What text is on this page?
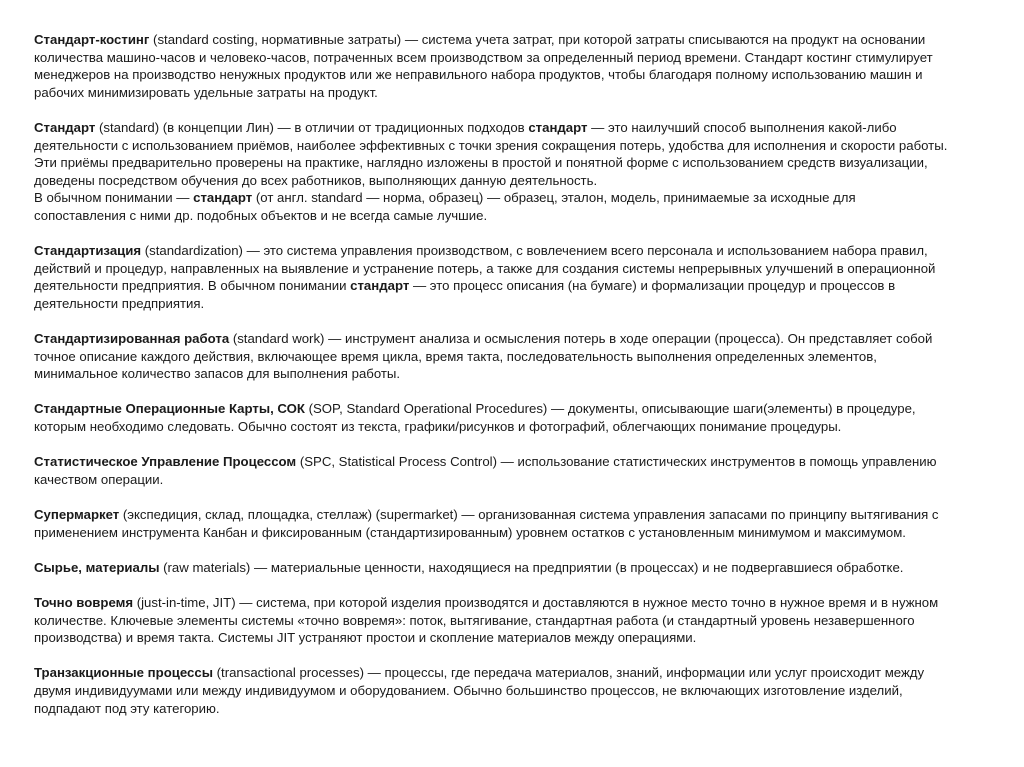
Стандарт-костинг (standard costing, нормативные затраты) — система учета затрат, при которой затраты списываются на продукт на основании
количества машино-часов и человеко-часов, потраченных всем производством за определенный период времени. Стандарт костинг стимулирует
менеджеров на производство ненужных продуктов или же неправильного набора продуктов, чтобы благодаря полному использованию машин и
рабочих минимизировать удельные затраты на продукт.
Стандарт (standard) (в концепции Лин) — в отличии от традиционных подходов стандарт — это наилучший способ выполнения какой-либо
деятельности с использованием приёмов, наиболее эффективных с точки зрения сокращения потерь, удобства для исполнения и скорости работы.
Эти приёмы предварительно проверены на практике, наглядно изложены в простой и понятной форме с использованием средств визуализации,
доведены посредством обучения до всех работников, выполняющих данную деятельность.
В обычном понимании — стандарт (от англ. standard — норма, образец) — образец, эталон, модель, принимаемые за исходные для
сопоставления с ними др. подобных объектов и не всегда самые лучшие.
Стандартизация (standardization) — это система управления производством, с вовлечением всего персонала и использованием набора правил,
действий и процедур, направленных на выявление и устранение потерь, а также для создания системы непрерывных улучшений в операционной
деятельности предприятия. В обычном понимании стандарт — это процесс описания (на бумаге) и формализации процедур и процессов в
деятельности предприятия.
Стандартизированная работа (standard work) — инструмент анализа и осмысления потерь в ходе операции (процесса). Он представляет собой
точное описание каждого действия, включающее время цикла, время такта, последовательность выполнения определенных элементов,
минимальное количество запасов для выполнения работы.
Стандартные Операционные Карты, СОК (SOP, Standard Operational Procedures) — документы, описывающие шаги(элементы) в процедуре,
которым необходимо следовать. Обычно состоят из текста, графики/рисунков и фотографий, облегчающих понимание процедуры.
Статистическое Управление Процессом (SPC, Statistical Process Control) — использование статистических инструментов в помощь управлению
качеством операции.
Супермаркет (экспедиция, склад, площадка, стеллаж) (supermarket) — организованная система управления запасами по принципу вытягивания с
применением инструмента Канбан и фиксированным (стандартизированным) уровнем остатков с установленным минимумом и максимумом.
Сырье, материалы (raw materials) — материальные ценности, находящиеся на предприятии (в процессах) и не подвергавшиеся обработке.
Точно вовремя (just-in-time, JIT) — система, при которой изделия производятся и доставляются в нужное место точно в нужное время и в нужном
количестве. Ключевые элементы системы «точно вовремя»: поток, вытягивание, стандартная работа (и стандартный уровень незавершенного
производства) и время такта. Системы JIT устраняют простои и скопление материалов между операциями.
Транзакционные процессы (transactional processes) — процессы, где передача материалов, знаний, информации или услуг происходит между
двумя индивидуумами или между индивидуумом и оборудованием. Обычно большинство процессов, не включающих изготовление изделий,
подпадают под эту категорию.
